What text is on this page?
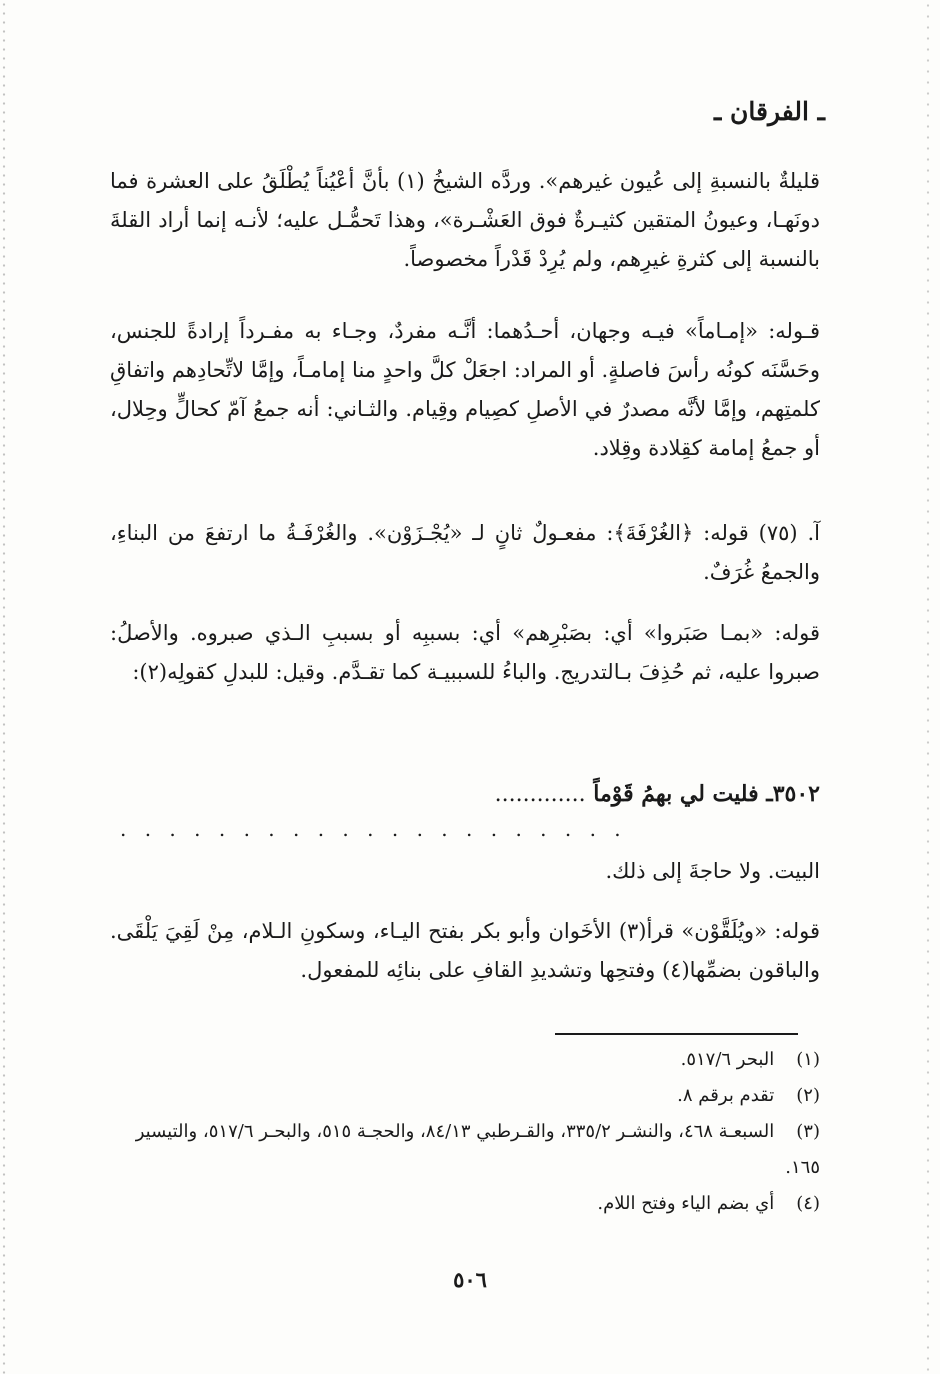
ـ الفرقان ـ

قليلةٌ بالنسبةِ إلى عُيون غيرهم». وردَّه الشيخُ (١) بأنَّ أعْيُناً يُطْلَقُ على العشرة فما دونَهـا، وعيونُ المتقين كثيـرةٌ فوق العَشْـرة»، وهذا تَحمُّـل عليه؛ لأنـه إنما أراد القلةَ بالنسبة إلى كثرةِ غيرِهم، ولم يُرِدْ قَدْراً مخصوصاً.

قـوله: «إمـاماً» فيـه وجهان، أحـدُهما: أنَّـه مفردٌ، وجـاء به مفـرداً إرادةً للجنس، وحَسَّنَه كونُه رأسَ فاصلةٍ. أو المراد: اجعَلْ كلَّ واحدٍ منا إمامـاً، وإمَّا لاتِّحادِهم واتفاقِ كلمتِهم، وإمَّا لأنَّه مصدرٌ في الأصلِ كصِيام وقِيام. والثـاني: أنه جمعُ آمّ كحالٍّ وحِلال، أو جمعُ إمامة كقِلادة وقِلاد.

آ. (٧٥) قوله: ﴿الغُرْفَةَ﴾: مفعـولٌ ثانٍ لـ «يُجْـزَوْن». والغُرْفَـةُ ما ارتفعَ من البناءِ، والجمعُ غُرَفٌ.

قوله: «بمـا صَبَروا» أي: بصَبْرِهم» أي: بسببِه أو بسببِ الـذي صبروه. والأصلُ: صبروا عليه، ثم حُذِفَ بـالتدريج. والباءُ للسببيـة كما تقـدَّم. وقيل: للبدلِ كقولِه(٢):

٣٥٠٢ـ فليت لي بهمُ قَوْماً .............
. . . . . . . . . . . . . . . . . . . . .

البيت. ولا حاجةَ إلى ذلك.

قوله: «ويُلَقَّوْن» قرأ(٣) الأخَوان وأبو بكر بفتح اليـاء، وسكونِ الـلام، مِنْ لَقِيَ يَلْقَى. والباقون بضمِّها(٤) وفتحِها وتشديدِ القافِ على بنائِه للمفعول.

(١) البحر ٥١٧/٦.

(٢) تقدم برقم ٨.

(٣) السبعـة ٤٦٨، والنشـر ٣٣٥/٢، والقـرطبي ٨٤/١٣، والحجـة ٥١٥، والبحـر ٥١٧/٦، والتيسير ١٦٥.

(٤) أي بضم الياء وفتح اللام.

٥٠٦
